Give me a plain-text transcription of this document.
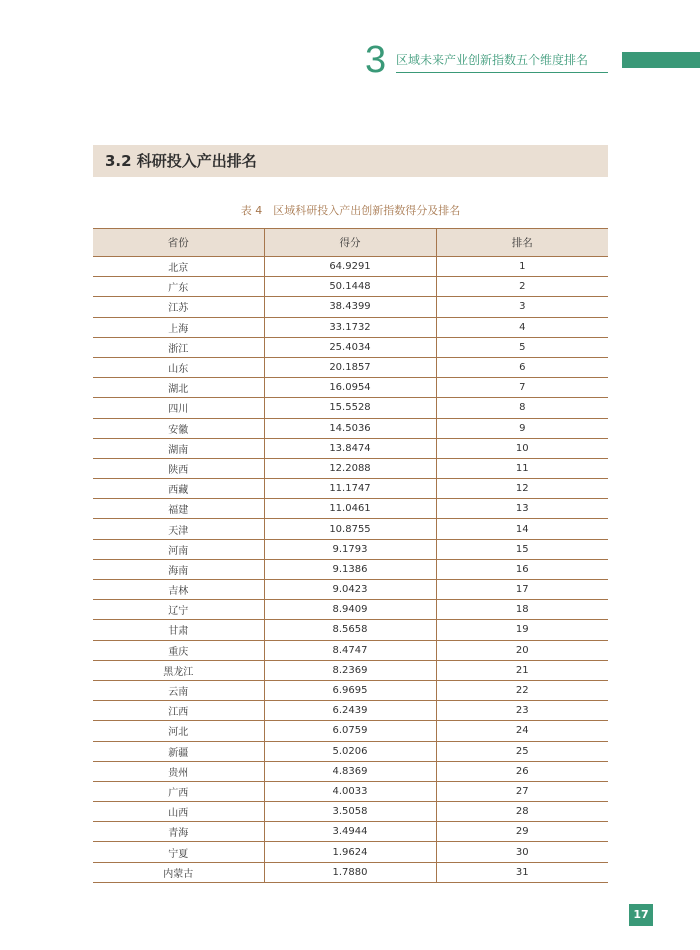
3 区域未来产业创新指数五个维度排名
3.2 科研投入产出排名
表 4　区域科研投入产出创新指数得分及排名
省份	得分	排名
北京	64.9291	1
广东	50.1448	2
江苏	38.4399	3
上海	33.1732	4
浙江	25.4034	5
山东	20.1857	6
湖北	16.0954	7
四川	15.5528	8
安徽	14.5036	9
湖南	13.8474	10
陕西	12.2088	11
西藏	11.1747	12
福建	11.0461	13
天津	10.8755	14
河南	9.1793	15
海南	9.1386	16
吉林	9.0423	17
辽宁	8.9409	18
甘肃	8.5658	19
重庆	8.4747	20
黑龙江	8.2369	21
云南	6.9695	22
江西	6.2439	23
河北	6.0759	24
新疆	5.0206	25
贵州	4.8369	26
广西	4.0033	27
山西	3.5058	28
青海	3.4944	29
宁夏	1.9624	30
内蒙古	1.7880	31
17
